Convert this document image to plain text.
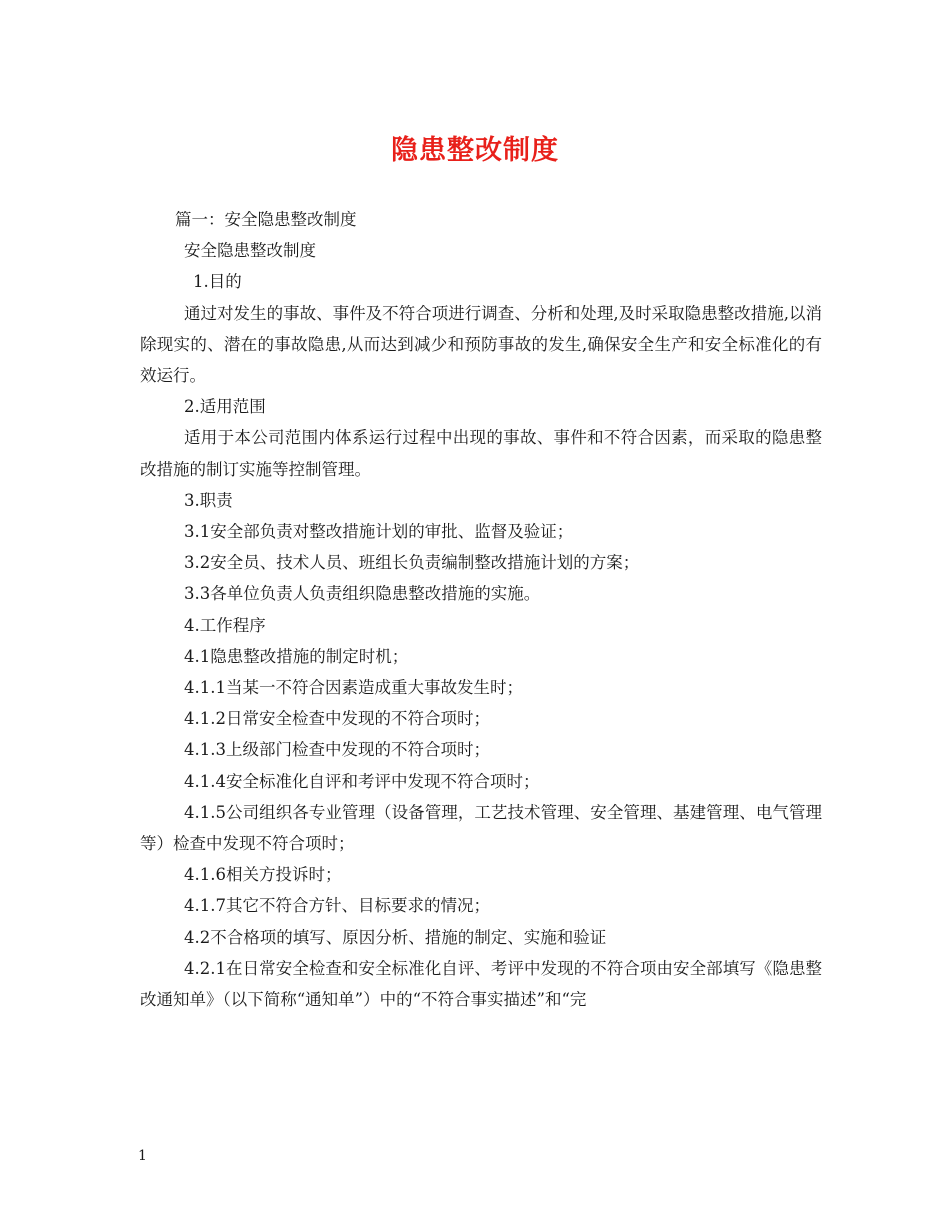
隐患整改制度

篇一：安全隐患整改制度

安全隐患整改制度

1.目的

通过对发生的事故、事件及不符合项进行调查、分析和处理,及时采取隐患整改措施,以消除现实的、潜在的事故隐患,从而达到减少和预防事故的发生,确保安全生产和安全标准化的有效运行。

2.适用范围

适用于本公司范围内体系运行过程中出现的事故、事件和不符合因素，而采取的隐患整改措施的制订实施等控制管理。

3.职责

3.1安全部负责对整改措施计划的审批、监督及验证；

3.2安全员、技术人员、班组长负责编制整改措施计划的方案；

3.3各单位负责人负责组织隐患整改措施的实施。

4.工作程序

4.1隐患整改措施的制定时机；

4.1.1当某一不符合因素造成重大事故发生时；

4.1.2日常安全检查中发现的不符合项时；

4.1.3上级部门检查中发现的不符合项时；

4.1.4安全标准化自评和考评中发现不符合项时；

4.1.5公司组织各专业管理（设备管理，工艺技术管理、安全管理、基建管理、电气管理等）检查中发现不符合项时；

4.1.6相关方投诉时；

4.1.7其它不符合方针、目标要求的情况；

4.2不合格项的填写、原因分析、措施的制定、实施和验证

4.2.1在日常安全检查和安全标准化自评、考评中发现的不符合项由安全部填写《隐患整改通知单》（以下简称“通知单”）中的“不符合事实描述”和“完

1
